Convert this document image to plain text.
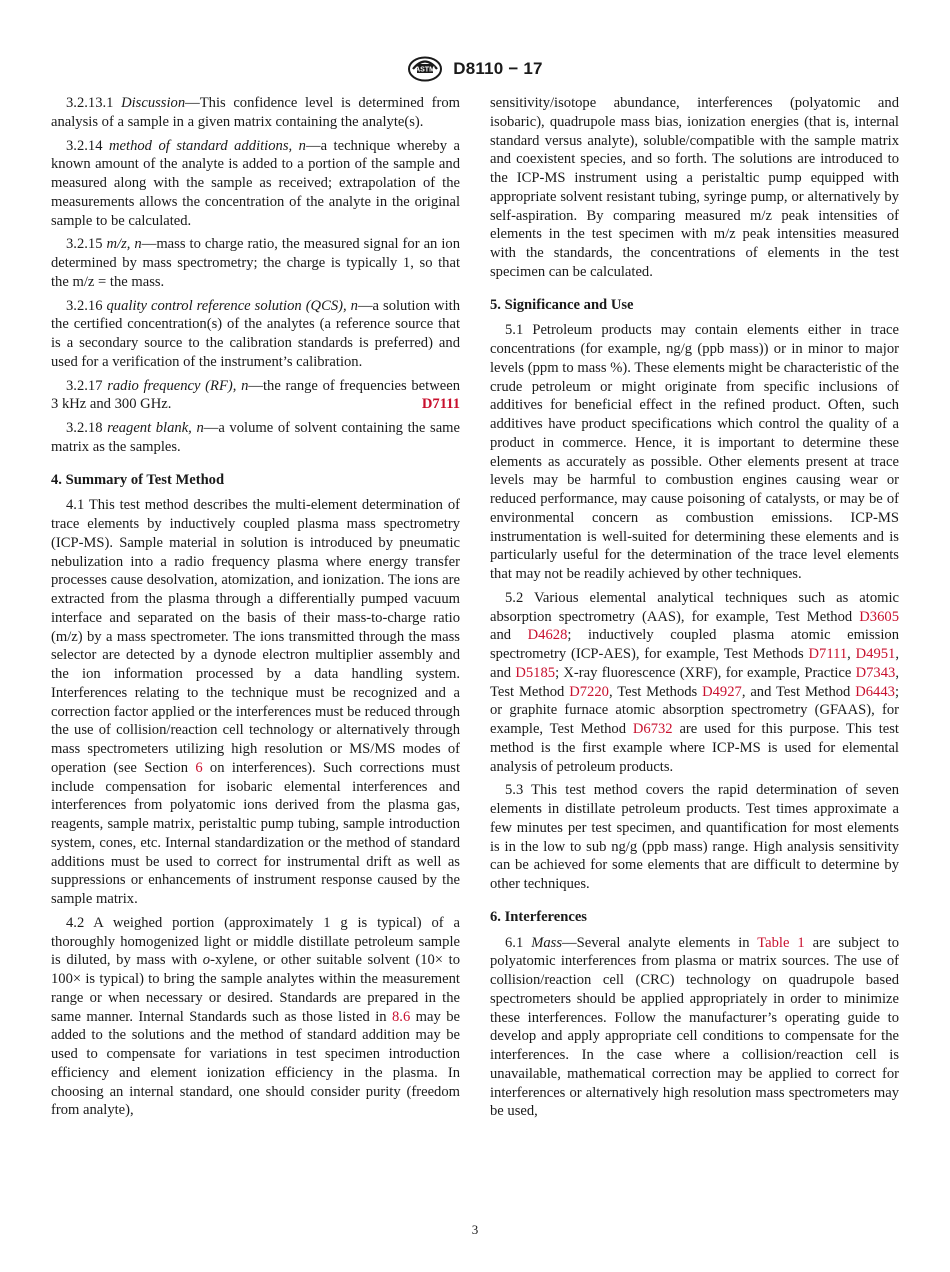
ASTM D8110 − 17

3.2.13.1 Discussion—This confidence level is determined from analysis of a sample in a given matrix containing the analyte(s).

3.2.14 method of standard additions, n—a technique whereby a known amount of the analyte is added to a portion of the sample and measured along with the sample as received; extrapolation of the measurements allows the concentration of the analyte in the original sample to be calculated.

3.2.15 m/z, n—mass to charge ratio, the measured signal for an ion determined by mass spectrometry; the charge is typically 1, so that the m/z = the mass.

3.2.16 quality control reference solution (QCS), n—a solution with the certified concentration(s) of the analytes (a reference source that is a secondary source to the calibration standards is preferred) and used for a verification of the instrument’s calibration.

3.2.17 radio frequency (RF), n—the range of frequencies between 3 kHz and 300 GHz.	D7111

3.2.18 reagent blank, n—a volume of solvent containing the same matrix as the samples.

4. Summary of Test Method

4.1 This test method describes the multi-element determination of trace elements by inductively coupled plasma mass spectrometry (ICP-MS). Sample material in solution is introduced by pneumatic nebulization into a radio frequency plasma where energy transfer processes cause desolvation, atomization, and ionization. The ions are extracted from the plasma through a differentially pumped vacuum interface and separated on the basis of their mass-to-charge ratio (m/z) by a mass spectrometer. The ions transmitted through the mass selector are detected by a dynode electron multiplier assembly and the ion information processed by a data handling system. Interferences relating to the technique must be recognized and a correction factor applied or the interferences must be reduced through the use of collision/reaction cell technology or alternatively through mass spectrometers utilizing high resolution or MS/MS modes of operation (see Section 6 on interferences). Such corrections must include compensation for isobaric elemental interferences and interferences from polyatomic ions derived from the plasma gas, reagents, sample matrix, peristaltic pump tubing, sample introduction system, cones, etc. Internal standardization or the method of standard additions must be used to correct for instrumental drift as well as suppressions or enhancements of instrument response caused by the sample matrix.

4.2 A weighed portion (approximately 1 g is typical) of a thoroughly homogenized light or middle distillate petroleum sample is diluted, by mass with o-xylene, or other suitable solvent (10× to 100× is typical) to bring the sample analytes within the measurement range or when necessary or desired. Standards are prepared in the same manner. Internal Standards such as those listed in 8.6 may be added to the solutions and the method of standard addition may be used to compensate for variations in test specimen introduction efficiency and element ionization efficiency in the plasma. In choosing an internal standard, one should consider purity (freedom from analyte),

sensitivity/isotope abundance, interferences (polyatomic and isobaric), quadrupole mass bias, ionization energies (that is, internal standard versus analyte), soluble/compatible with the sample matrix and coexistent species, and so forth. The solutions are introduced to the ICP-MS instrument using a peristaltic pump equipped with appropriate solvent resistant tubing, syringe pump, or alternatively by self-aspiration. By comparing measured m/z peak intensities of elements in the test specimen with m/z peak intensities measured with the standards, the concentrations of elements in the test specimen can be calculated.

5. Significance and Use

5.1 Petroleum products may contain elements either in trace concentrations (for example, ng/g (ppb mass)) or in minor to major levels (ppm to mass %). These elements might be characteristic of the crude petroleum or might originate from specific inclusions of additives for beneficial effect in the refined product. Often, such additives have product specifications which control the quality of a product in commerce. Hence, it is important to determine these elements as accurately as possible. Other elements present at trace levels may be harmful to combustion engines causing wear or reduced performance, may cause poisoning of catalysts, or may be of environmental concern as combustion emissions. ICP-MS instrumentation is well-suited for determining these elements and is particularly useful for the determination of the trace level elements that may not be readily achieved by other techniques.

5.2 Various elemental analytical techniques such as atomic absorption spectrometry (AAS), for example, Test Method D3605 and D4628; inductively coupled plasma atomic emission spectrometry (ICP-AES), for example, Test Methods D7111, D4951, and D5185; X-ray fluorescence (XRF), for example, Practice D7343, Test Method D7220, Test Methods D4927, and Test Method D6443; or graphite furnace atomic absorption spectrometry (GFAAS), for example, Test Method D6732 are used for this purpose. This test method is the first example where ICP-MS is used for elemental analysis of petroleum products.

5.3 This test method covers the rapid determination of seven elements in distillate petroleum products. Test times approximate a few minutes per test specimen, and quantification for most elements is in the low to sub ng/g (ppb mass) range. High analysis sensitivity can be achieved for some elements that are difficult to determine by other techniques.

6. Interferences

6.1 Mass—Several analyte elements in Table 1 are subject to polyatomic interferences from plasma or matrix sources. The use of collision/reaction cell (CRC) technology on quadrupole based spectrometers should be applied appropriately in order to minimize these interferences. Follow the manufacturer’s operating guide to develop and apply appropriate cell conditions to compensate for the interferences. In the case where a collision/reaction cell is unavailable, mathematical correction may be applied to correct for interferences or alternatively high resolution mass spectrometers may be used,

3
